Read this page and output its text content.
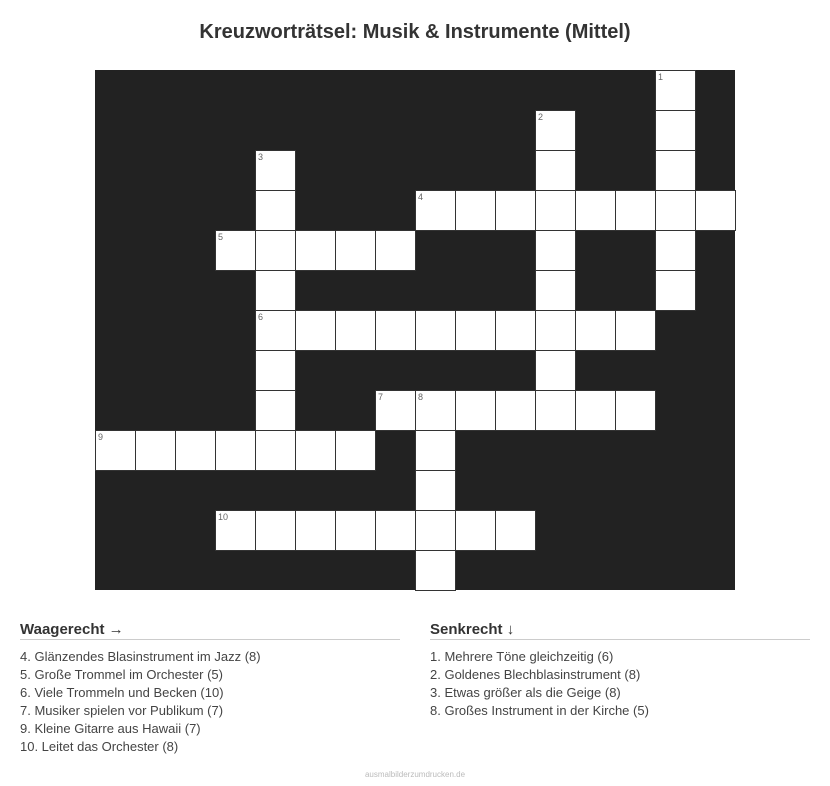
Kreuzworträtsel: Musik & Instrumente (Mittel)
1
2
3
4
5
6
7	8
9
10
Waagerecht →
4. Glänzendes Blasinstrument im Jazz (8)
5. Große Trommel im Orchester (5)
6. Viele Trommeln und Becken (10)
7. Musiker spielen vor Publikum (7)
9. Kleine Gitarre aus Hawaii (7)
10. Leitet das Orchester (8)
Senkrecht ↓
1. Mehrere Töne gleichzeitig (6)
2. Goldenes Blechblasinstrument (8)
3. Etwas größer als die Geige (8)
8. Großes Instrument in der Kirche (5)
ausmalbilderzumdrucken.de
